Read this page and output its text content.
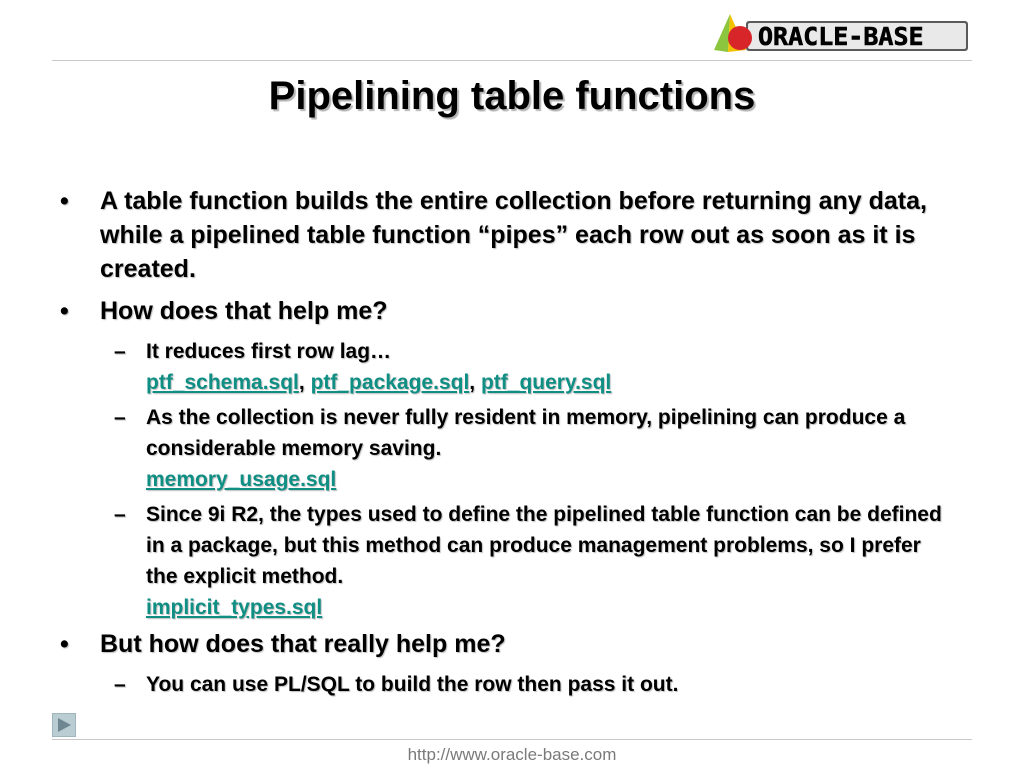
ORACLE-BASE
Pipelining table functions
• A table function builds the entire collection before returning any data, while a pipelined table function “pipes” each row out as soon as it is created.
• How does that help me?
– It reduces first row lag…
ptf_schema.sql, ptf_package.sql, ptf_query.sql
– As the collection is never fully resident in memory, pipelining can produce a considerable memory saving.
memory_usage.sql
– Since 9i R2, the types used to define the pipelined table function can be defined in a package, but this method can produce management problems, so I prefer the explicit method.
implicit_types.sql
• But how does that really help me?
– You can use PL/SQL to build the row then pass it out.
http://www.oracle-base.com
